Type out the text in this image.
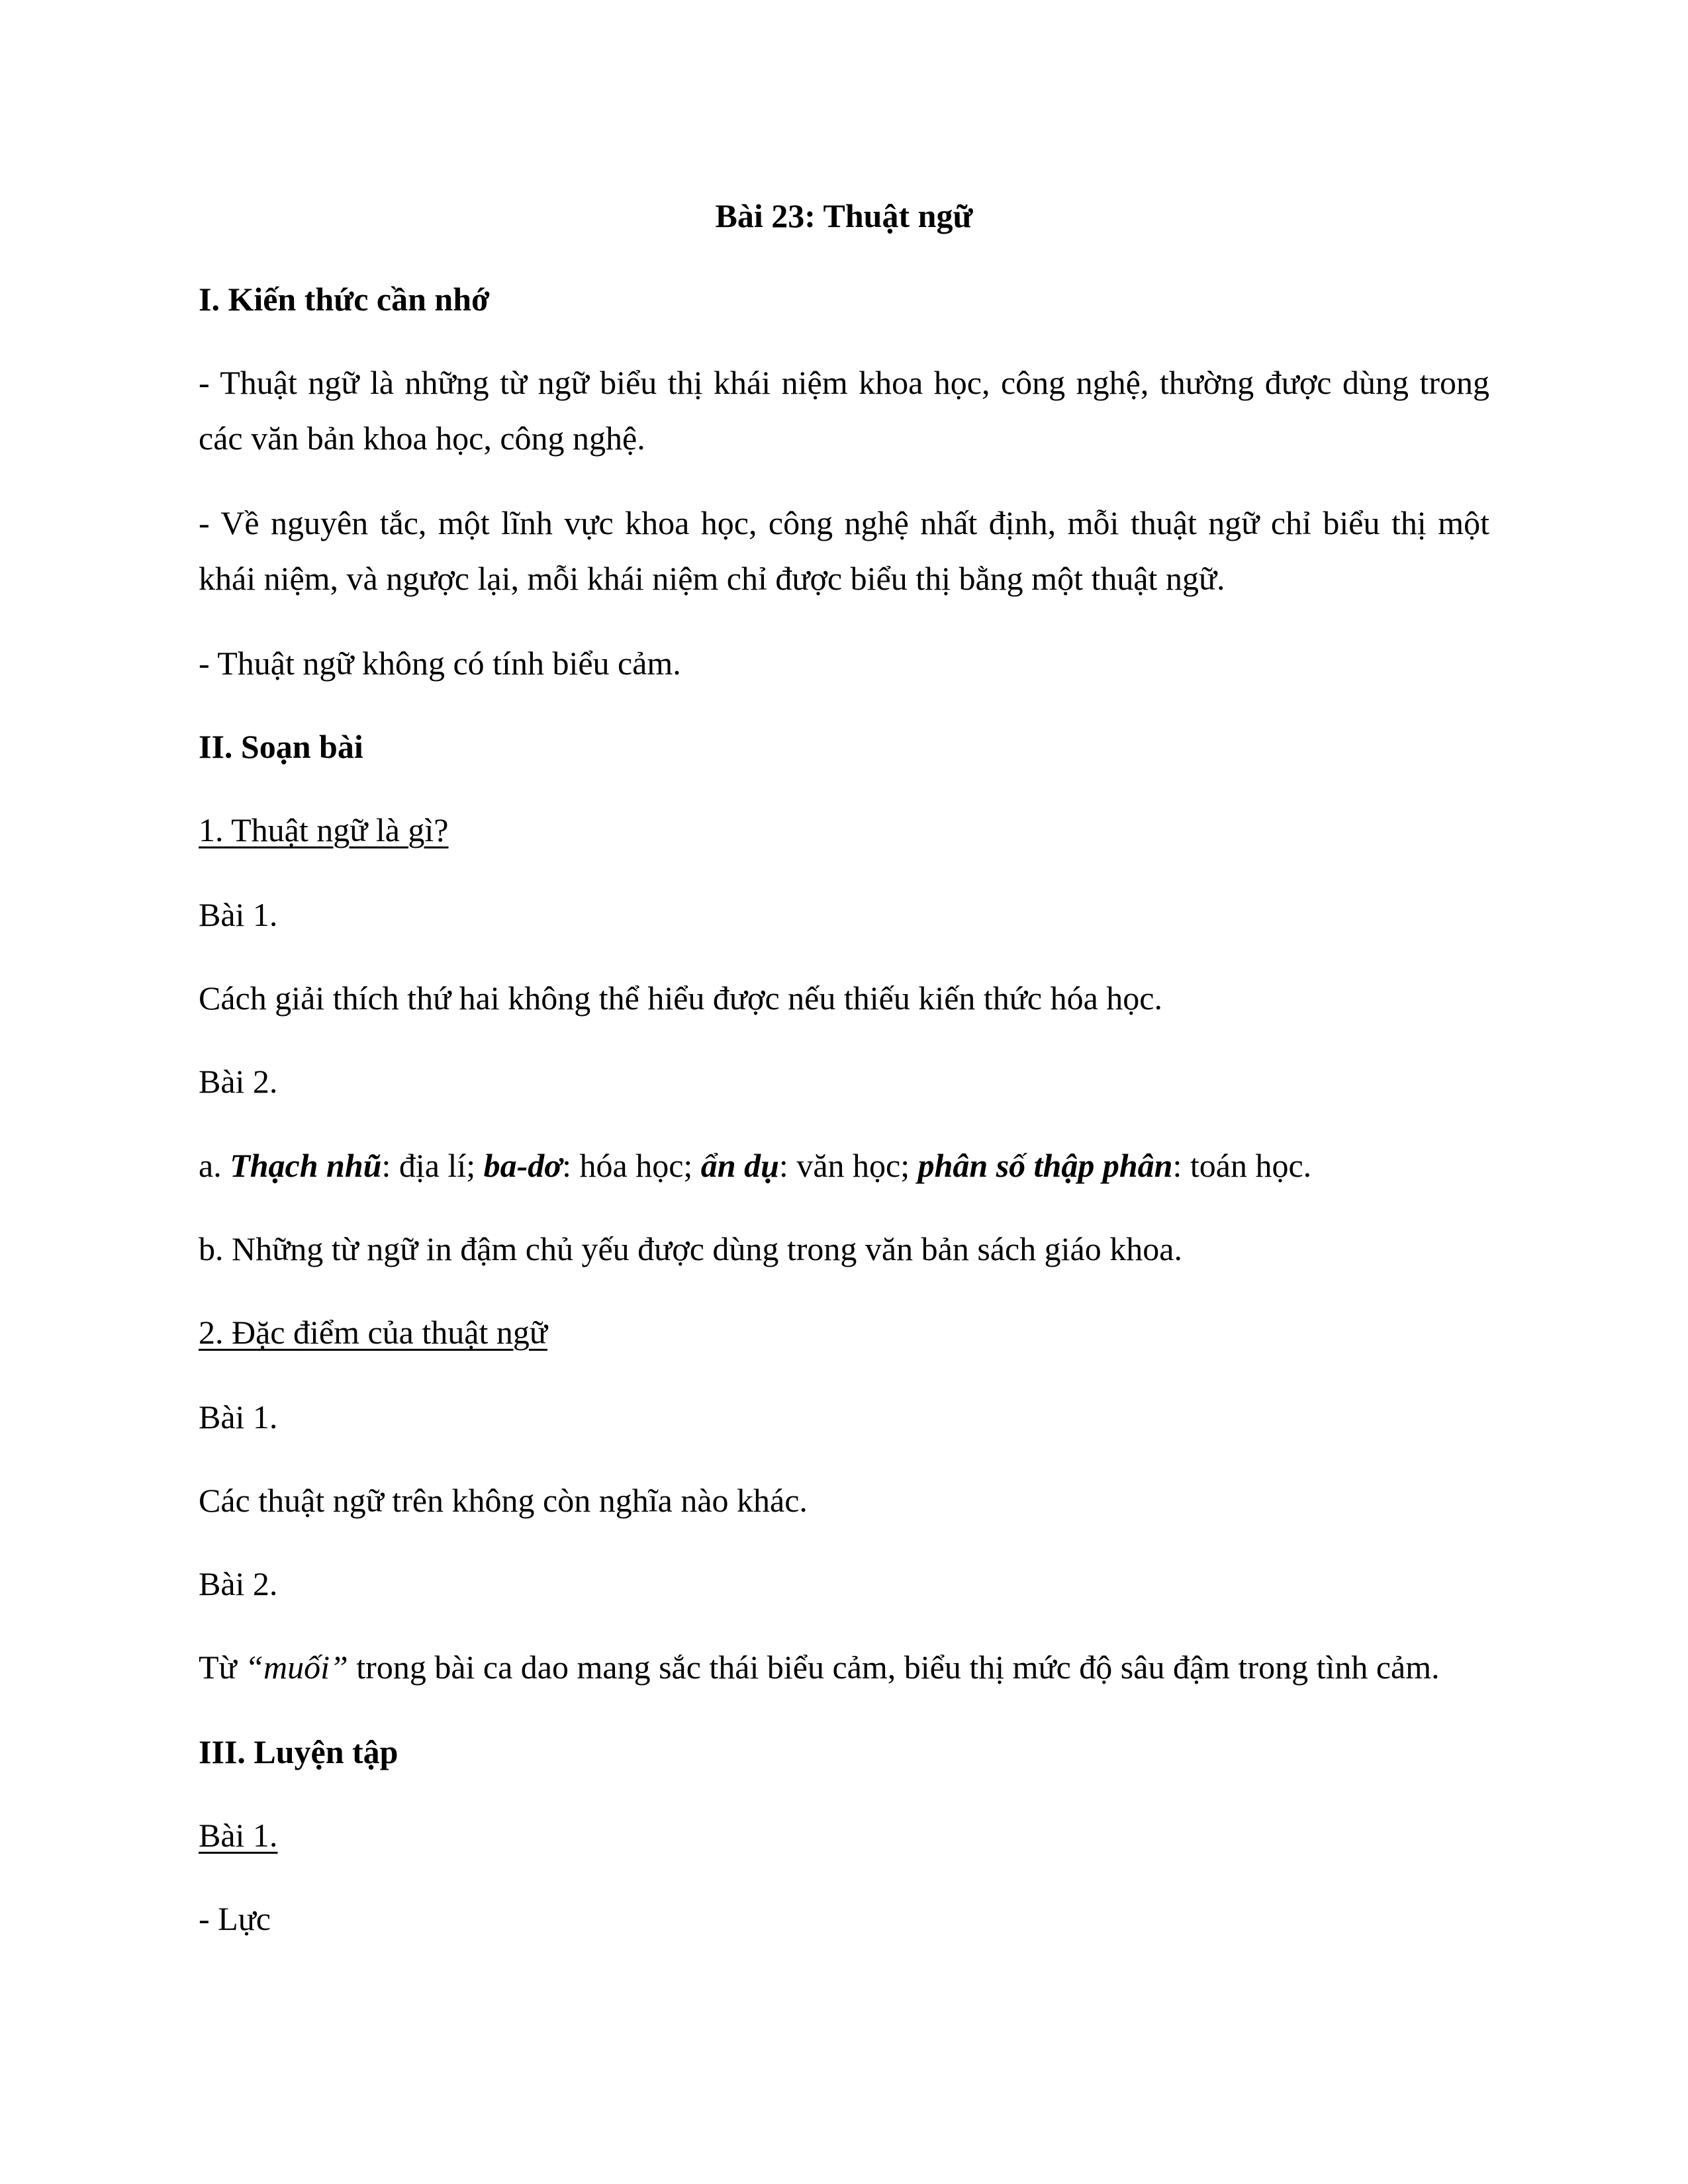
Bài 23: Thuật ngữ

I. Kiến thức cần nhớ

- Thuật ngữ là những từ ngữ biểu thị khái niệm khoa học, công nghệ, thường được dùng trong

các văn bản khoa học, công nghệ.

- Về nguyên tắc, một lĩnh vực khoa học, công nghệ nhất định, mỗi thuật ngữ chỉ biểu thị một

khái niệm, và ngược lại, mỗi khái niệm chỉ được biểu thị bằng một thuật ngữ.

- Thuật ngữ không có tính biểu cảm.

II. Soạn bài

1. Thuật ngữ là gì?

Bài 1.

Cách giải thích thứ hai không thể hiểu được nếu thiếu kiến thức hóa học.

Bài 2.

a. Thạch nhũ: địa lí; ba-dơ: hóa học; ẩn dụ: văn học; phân số thập phân: toán học.

b. Những từ ngữ in đậm chủ yếu được dùng trong văn bản sách giáo khoa.

2. Đặc điểm của thuật ngữ

Bài 1.

Các thuật ngữ trên không còn nghĩa nào khác.

Bài 2.

Từ “muối” trong bài ca dao mang sắc thái biểu cảm, biểu thị mức độ sâu đậm trong tình cảm.

III. Luyện tập

Bài 1.

- Lực
